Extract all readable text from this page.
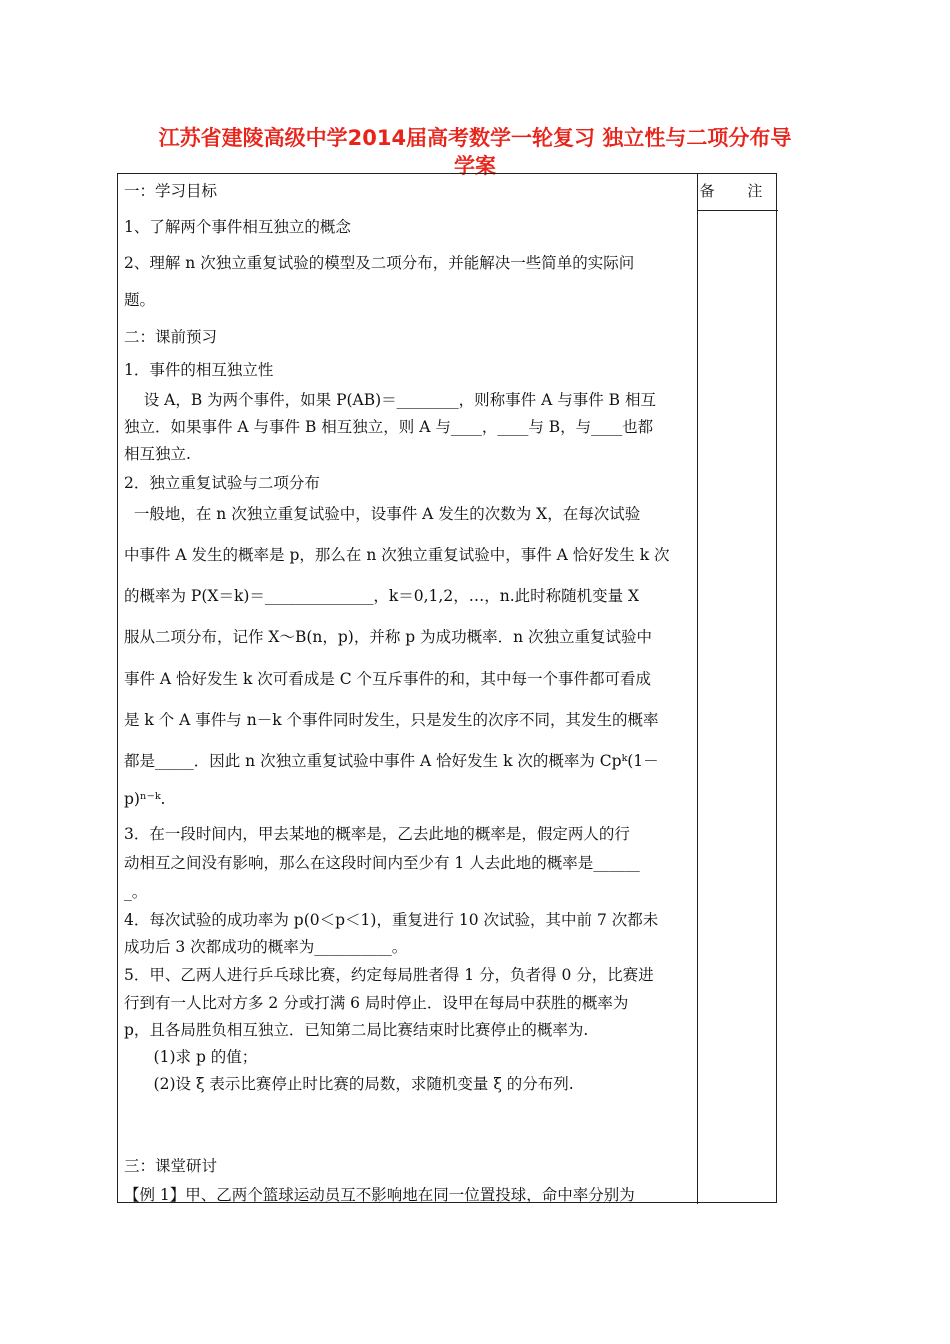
江苏省建陵高级中学2014届高考数学一轮复习 独立性与二项分布导
学案
备 注
一：学习目标
1、了解两个事件相互独立的概念
2、理解 n 次独立重复试验的模型及二项分布，并能解决一些简单的实际问
题。
二：课前预习
1．事件的相互独立性
设 A，B 为两个事件，如果 P(AB)＝________，则称事件 A 与事件 B 相互
独立．如果事件 A 与事件 B 相互独立，则 A 与____，____与 B，与____也都
相互独立.
2．独立重复试验与二项分布
一般地，在 n 次独立重复试验中，设事件 A 发生的次数为 X，在每次试验
中事件 A 发生的概率是 p，那么在 n 次独立重复试验中，事件 A 恰好发生 k 次
的概率为 P(X＝k)＝______________，k＝0,1,2，…，n.此时称随机变量 X
服从二项分布，记作 X～B(n，p)，并称 p 为成功概率．n 次独立重复试验中
事件 A 恰好发生 k 次可看成是 C 个互斥事件的和，其中每一个事件都可看成
是 k 个 A 事件与 n－k 个事件同时发生，只是发生的次序不同，其发生的概率
都是_____．因此 n 次独立重复试验中事件 A 恰好发生 k 次的概率为 Cpᵏ(1－
p)ⁿ⁻ᵏ.
3．在一段时间内，甲去某地的概率是，乙去此地的概率是，假定两人的行
动相互之间没有影响，那么在这段时间内至少有 1 人去此地的概率是______
_。
4．每次试验的成功率为 p(0＜p＜1)，重复进行 10 次试验，其中前 7 次都未
成功后 3 次都成功的概率为__________。
5．甲、乙两人进行乒乓球比赛，约定每局胜者得 1 分，负者得 0 分，比赛进
行到有一人比对方多 2 分或打满 6 局时停止．设甲在每局中获胜的概率为
p，且各局胜负相互独立．已知第二局比赛结束时比赛停止的概率为.
(1)求 p 的值；
(2)设 ξ 表示比赛停止时比赛的局数，求随机变量 ξ 的分布列.
三：课堂研讨
【例 1】甲、乙两个篮球运动员互不影响地在同一位置投球，命中率分别为
